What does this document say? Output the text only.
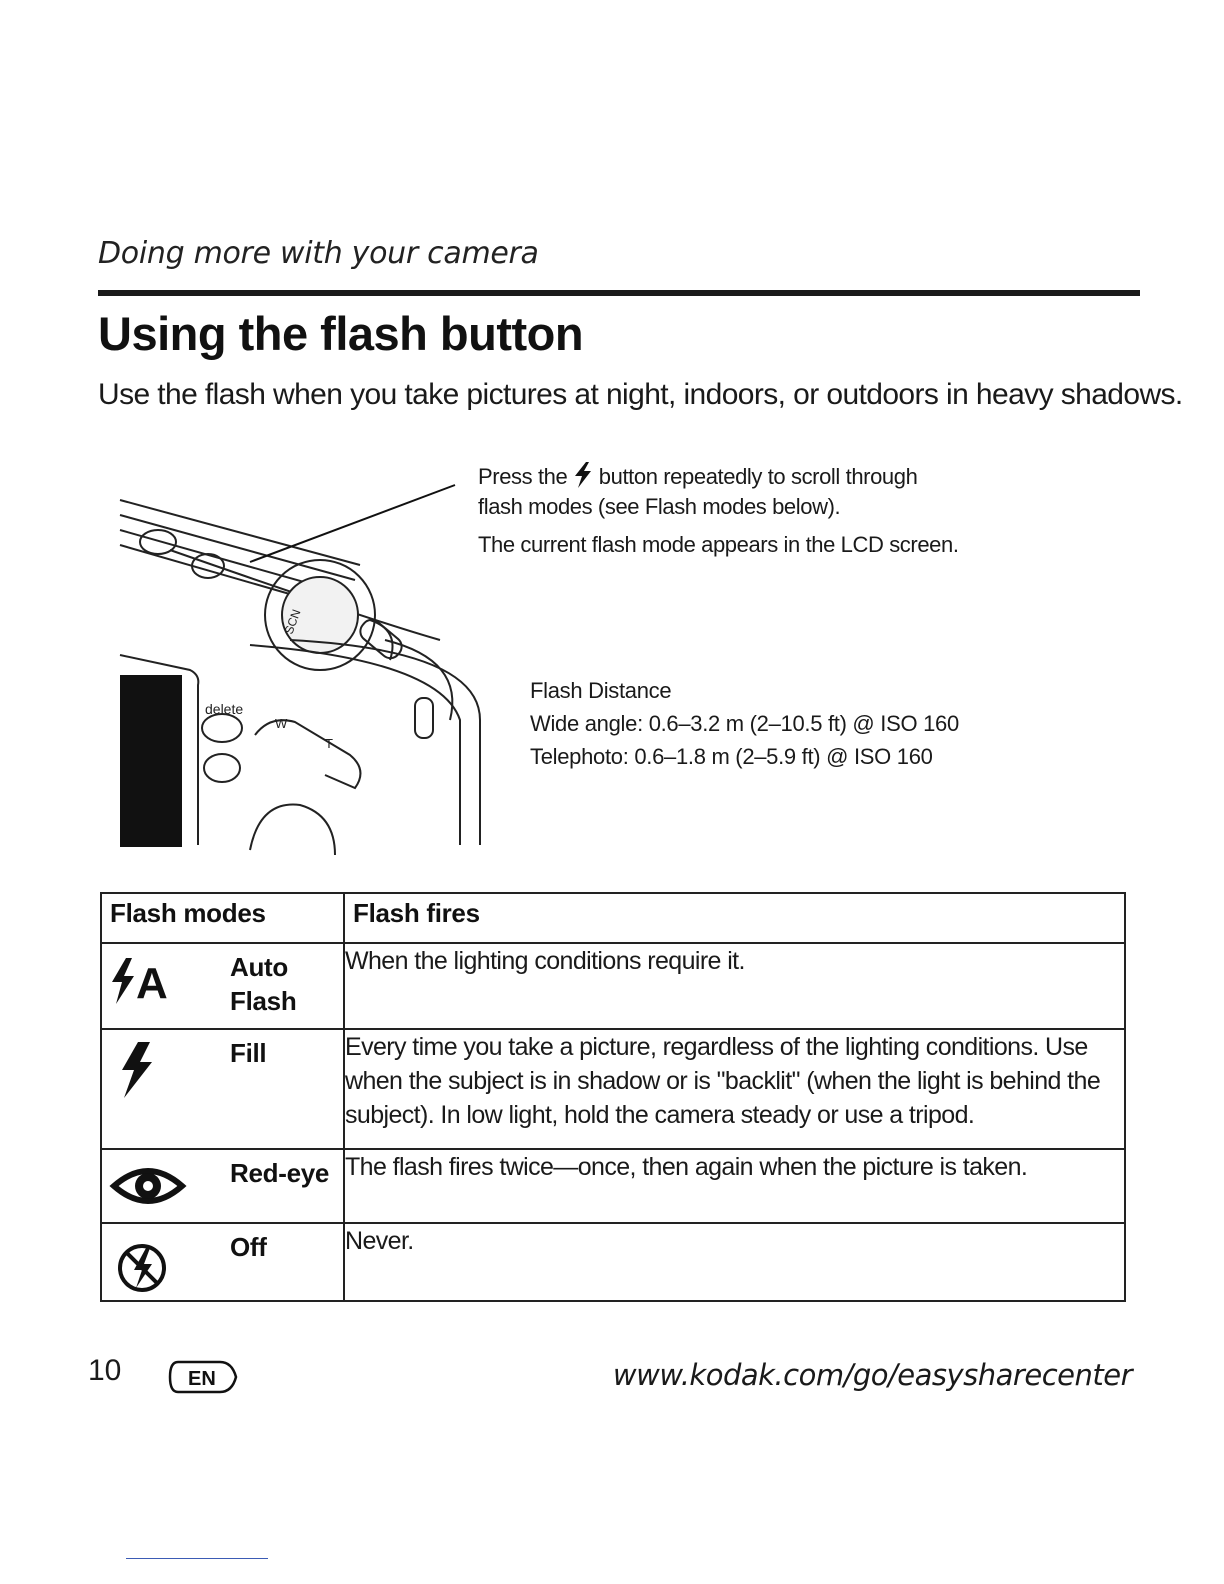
Doing more with your camera
Using the flash button
Use the flash when you take pictures at night, indoors, or outdoors in heavy shadows.
delete
W
T
SCN

Press the button repeatedly to scroll through
flash modes (see Flash modes below).

The current flash mode appears in the LCD screen.

Flash Distance
Wide angle: 0.6–3.2 m (2–10.5 ft) @ ISO 160
Telephoto: 0.6–1.8 m (2–5.9 ft) @ ISO 160
Flash modes	Flash fires

A Auto Flash	When the lighting conditions require it.

Fill	Every time you take a picture, regardless of the lighting conditions. Use when the subject is in shadow or is "backlit" (when the light is behind the subject). In low light, hold the camera steady or use a tripod.

Red-eye	The flash fires twice—once, then again when the picture is taken.

Off	Never.
10	EN	www.kodak.com/go/easysharecenter
